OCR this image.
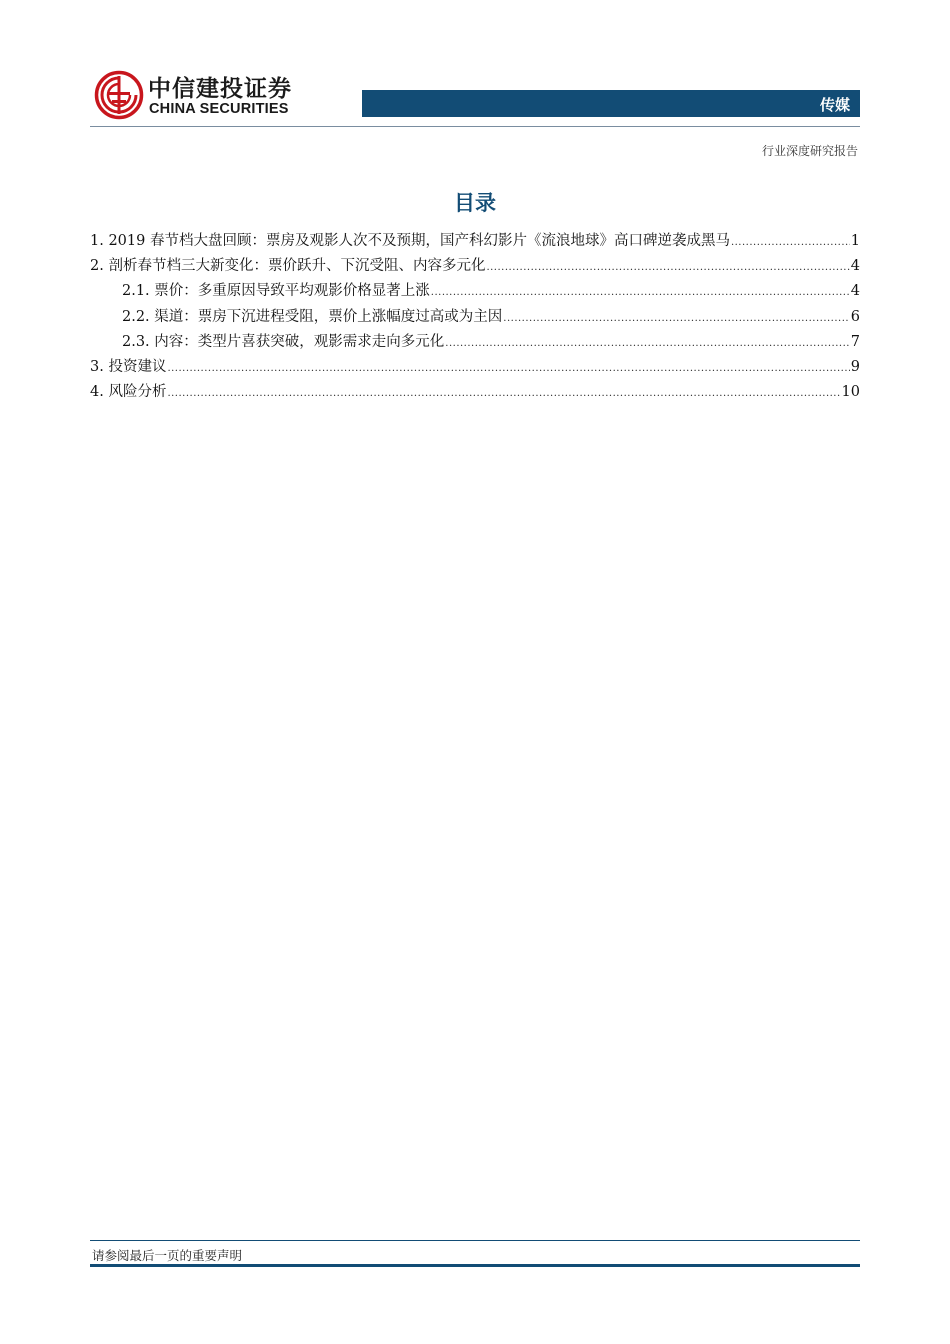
中信建投证券
CHINA SECURITIES	传媒
行业深度研究报告
目录
1. 2019 春节档大盘回顾：票房及观影人次不及预期，国产科幻影片《流浪地球》高口碑逆袭成黑马 .....	1
2. 剖析春节档三大新变化：票价跃升、下沉受阻、内容多元化 .....	4
2.1. 票价：多重原因导致平均观影价格显著上涨 .....	4
2.2. 渠道：票房下沉进程受阻，票价上涨幅度过高或为主因 .....	6
2.3. 内容：类型片喜获突破，观影需求走向多元化 .....	7
3. 投资建议 .....	9
4. 风险分析 .....	10
请参阅最后一页的重要声明
